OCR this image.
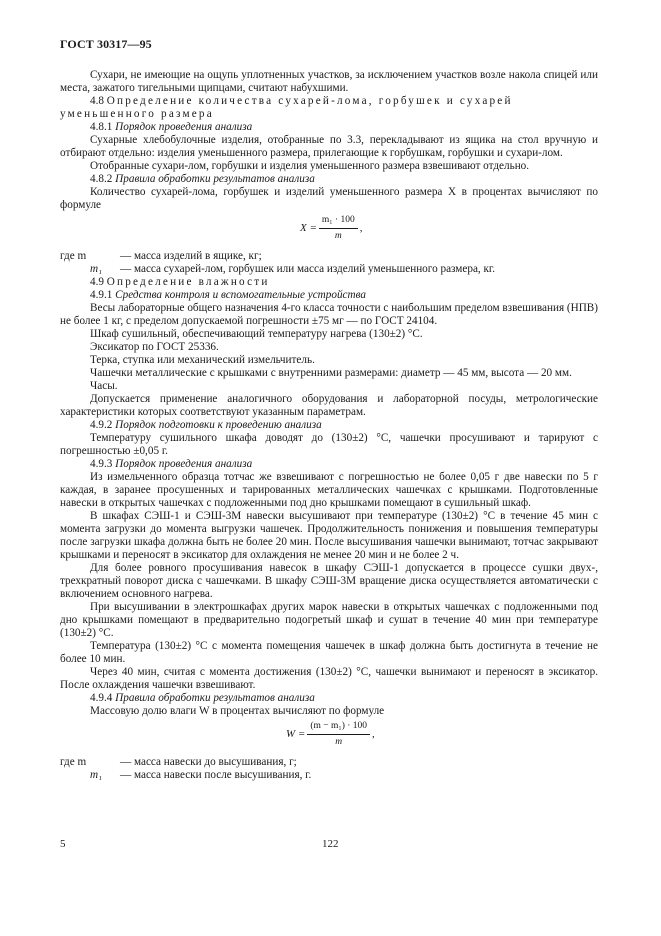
ГОСТ 30317—95

Сухари, не имеющие на ощупь уплотненных участков, за исключением участков возле накола спицей или места, зажатого тигельными щипцами, считают набухшими.

4.8 Определение количества сухарей-лома, горбушек и сухарей уменьшенного размера

4.8.1 Порядок проведения анализа

Сухарные хлебобулочные изделия, отобранные по 3.3, перекладывают из ящика на стол вручную и отбирают отдельно: изделия уменьшенного размера, прилегающие к горбушкам, горбушки и сухари-лом.

Отобранные сухари-лом, горбушки и изделия уменьшенного размера взвешивают отдельно.

4.8.2 Правила обработки результатов анализа

Количество сухарей-лома, горбушек и изделий уменьшенного размера X в процентах вычисляют по формуле

$X = \frac{\text{m₁ · 100}}{m}$ ,
где m	— масса изделий в ящике, кг;
m₁	— масса сухарей-лом, горбушек или масса изделий уменьшенного размера, кг.

4.9 Определение влажности

4.9.1 Средства контроля и вспомогательные устройства

Весы лабораторные общего назначения 4-го класса точности с наибольшим пределом взвешивания (НПВ) не более 1 кг, с пределом допускаемой погрешности ±75 мг — по ГОСТ 24104.

Шкаф сушильный, обеспечивающий температуру нагрева (130±2) °С.

Эксикатор по ГОСТ 25336.

Терка, ступка или механический измельчитель.

Чашечки металлические с крышками с внутренними размерами: диаметр — 45 мм, высота — 20 мм.

Часы.

Допускается применение аналогичного оборудования и лабораторной посуды, метрологические характеристики которых соответствуют указанным параметрам.

4.9.2 Порядок подготовки к проведению анализа

Температуру сушильного шкафа доводят до (130±2) °С, чашечки просушивают и тарируют с погрешностью ±0,05 г.

4.9.3 Порядок проведения анализа

Из измельченного образца тотчас же взвешивают с погрешностью не более 0,05 г две навески по 5 г каждая, в заранее просушенных и тарированных металлических чашечках с крышками. Подготовленные навески в открытых чашечках с подложенными под дно крышками помещают в сушильный шкаф.

В шкафах СЭШ-1 и СЭШ-3М навески высушивают при температуре (130±2) °С в течение 45 мин с момента загрузки до момента выгрузки чашечек. Продолжительность понижения и повышения температуры после загрузки шкафа должна быть не более 20 мин. После высушивания чашечки вынимают, тотчас закрывают крышками и переносят в эксикатор для охлаждения не менее 20 мин и не более 2 ч.

Для более ровного просушивания навесок в шкафу СЭШ-1 допускается в процессе сушки двух-, трехкратный поворот диска с чашечками. В шкафу СЭШ-3М вращение диска осуществляется автоматически с включением основного нагрева.

При высушивании в электрошкафах других марок навески в открытых чашечках с подложенными под дно крышками помещают в предварительно подогретый шкаф и сушат в течение 40 мин при температуре (130±2) °С.

Температура (130±2) °С с момента помещения чашечек в шкаф должна быть достигнута в течение не более 10 мин.

Через 40 мин, считая с момента достижения (130±2) °С, чашечки вынимают и переносят в эксикатор. После охлаждения чашечки взвешивают.

4.9.4 Правила обработки результатов анализа

Массовую долю влаги W в процентах вычисляют по формуле

$W = \frac{\text{(m − m₁) · 100}}{m}$ ,
где m	— масса навески до высушивания, г;
m₁	— масса навески после высушивания, г.
5	122
